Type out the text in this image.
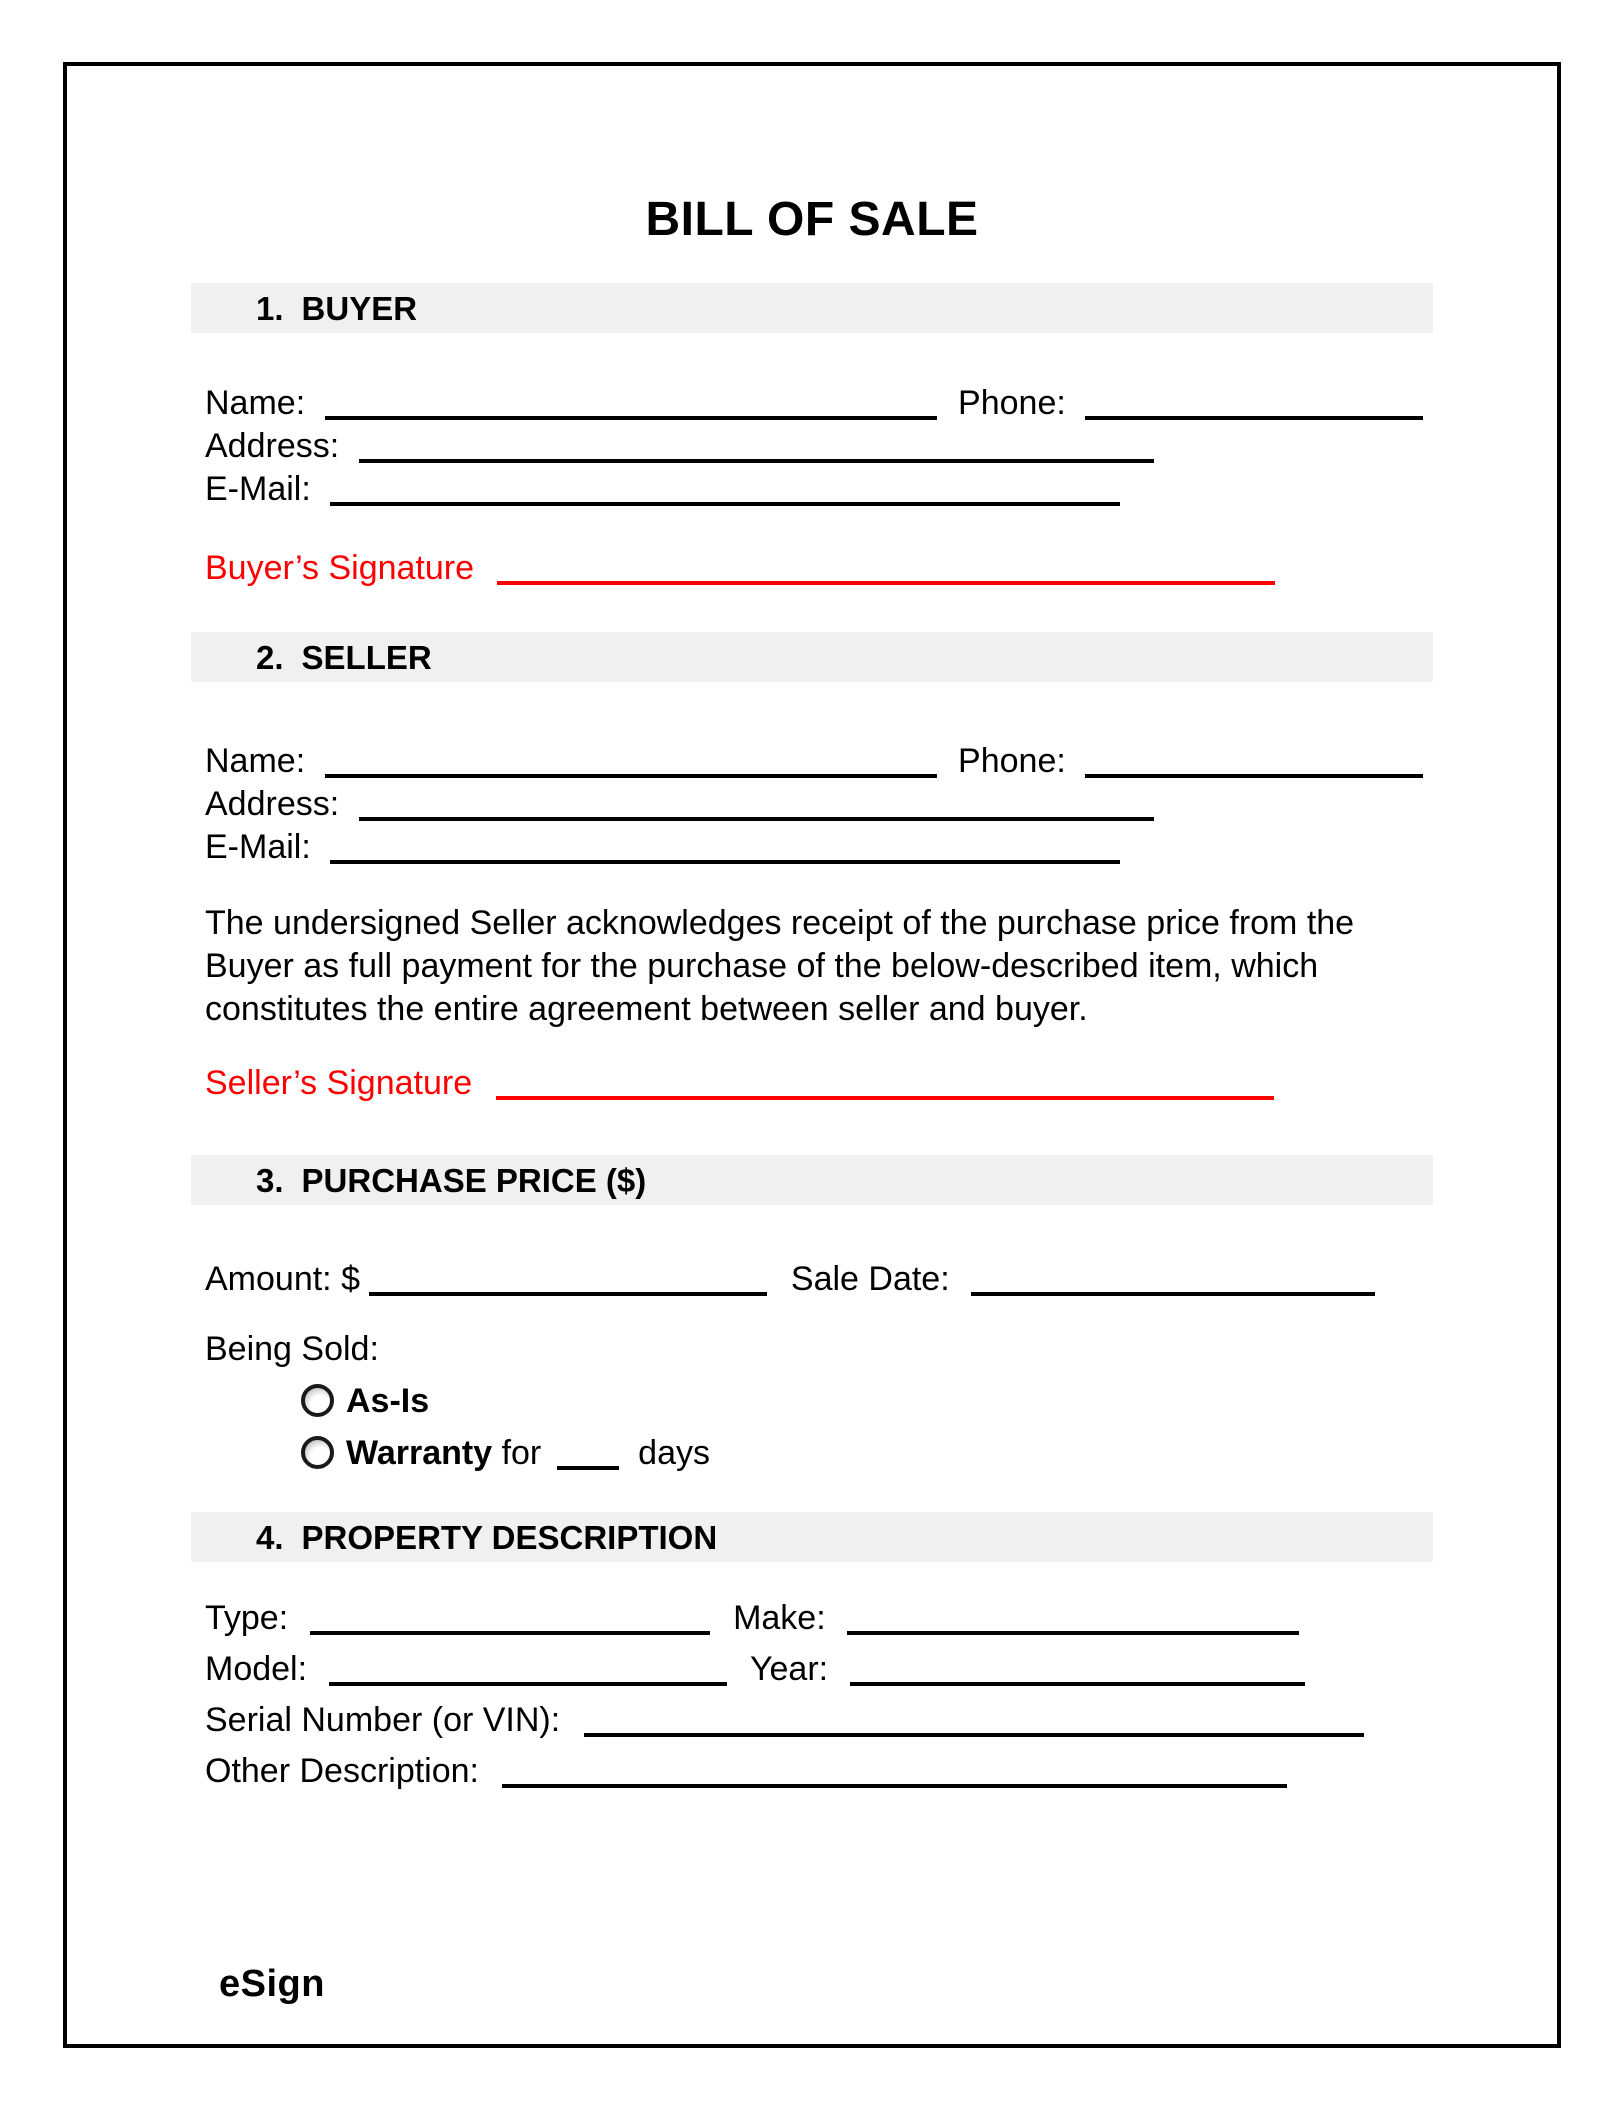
BILL OF SALE
1. BUYER
Name:	Phone:
Address:
E-Mail:
Buyer’s Signature
2. SELLER
Name:	Phone:
Address:
E-Mail:
The undersigned Seller acknowledges receipt of the purchase price from the Buyer as full payment for the purchase of the below-described item, which constitutes the entire agreement between seller and buyer.
Seller’s Signature
3. PURCHASE PRICE ($)
Amount: $	Sale Date:
Being Sold:
As-Is
Warranty for	days
4. PROPERTY DESCRIPTION
Type:	Make:
Model:	Year:
Serial Number (or VIN):
Other Description:
eSign
